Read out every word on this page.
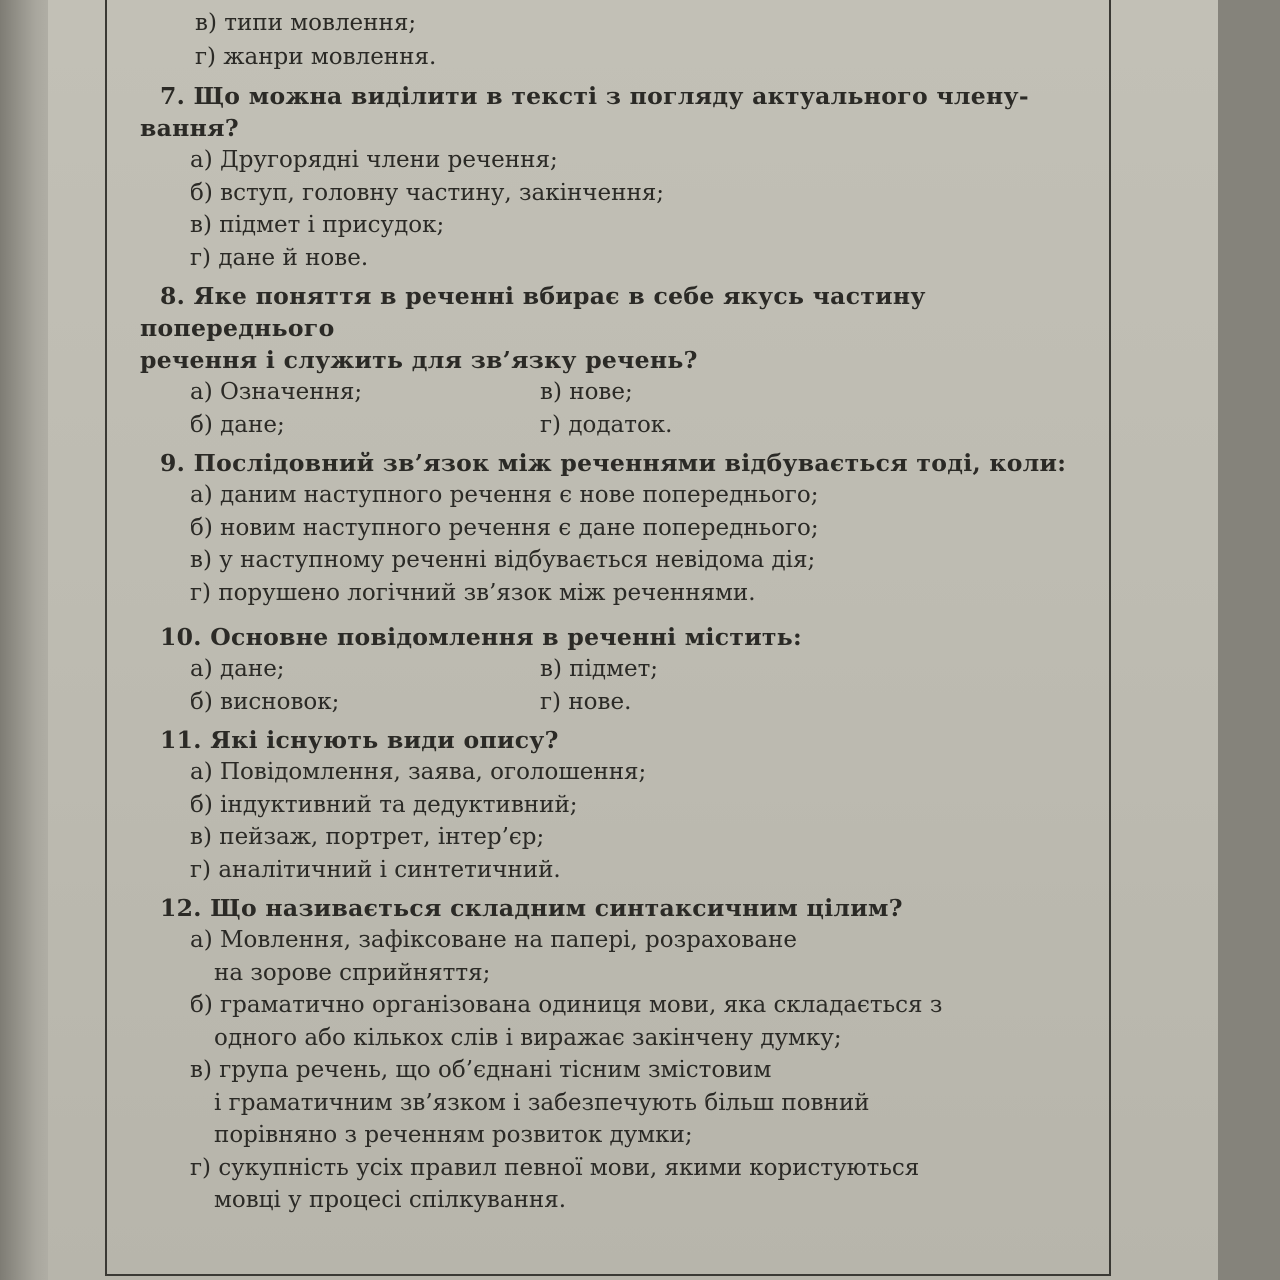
в) типи мовлення;
г) жанри мовлення.
7. Що можна виділити в тексті з погляду актуального члену-
вання?
а) Другорядні члени речення;
б) вступ, головну частину, закінчення;
в) підмет і присудок;
г) дане й нове.
8. Яке поняття в реченні вбирає в себе якусь частину попереднього
речення і служить для зв’язку речень?
а) Означення;
б) дане;
в) нове;
г) додаток.
9. Послідовний зв’язок між реченнями відбувається тоді, коли:
а) даним наступного речення є нове попереднього;
б) новим наступного речення є дане попереднього;
в) у наступному реченні відбувається невідома дія;
г) порушено логічний зв’язок між реченнями.
10. Основне повідомлення в реченні містить:
а) дане;
б) висновок;
в) підмет;
г) нове.
11. Які існують види опису?
а) Повідомлення, заява, оголошення;
б) індуктивний та дедуктивний;
в) пейзаж, портрет, інтер’єр;
г) аналітичний і синтетичний.
12. Що називається складним синтаксичним цілим?
а) Мовлення, зафіксоване на папері, розраховане
на зорове сприйняття;
б) граматично організована одиниця мови, яка складається з
одного або кількох слів і виражає закінчену думку;
в) група речень, що об’єднані тісним змістовим
і граматичним зв’язком і забезпечують більш повний
порівняно з реченням розвиток думки;
г) сукупність усіх правил певної мови, якими користуються
мовці у процесі спілкування.
